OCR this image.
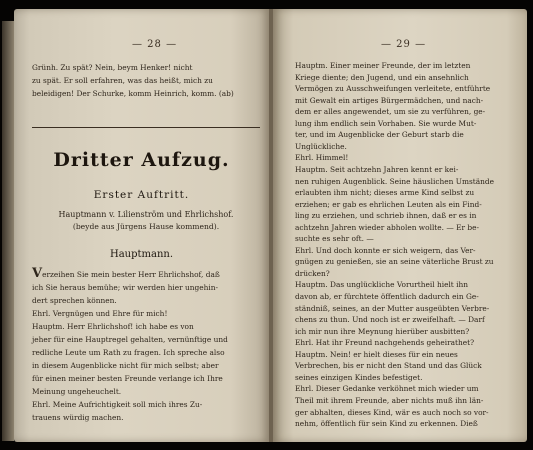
— 28 —
Grünh. Zu spät? Nein, beym Henker! nicht
zu spät. Er soll erfahren, was das heißt, mich zu
beleidigen! Der Schurke, komm Heinrich, komm. (ab)
Dritter Aufzug.
Erster Auftritt.
Hauptmann v. Lilienström und Ehrlichshof.
(beyde aus Jürgens Hause kommend).
Hauptmann.
Verzeihen Sie mein bester Herr Ehrlichshof, daß
ich Sie heraus bemühe; wir werden hier ungehin-
dert sprechen können.
Ehrl. Vergnügen und Ehre für mich!
Hauptm. Herr Ehrlichshof! ich habe es von
jeher für eine Hauptregel gehalten, vernünftige und
redliche Leute um Rath zu fragen. Ich spreche also
in diesem Augenblicke nicht für mich selbst; aber
für einen meiner besten Freunde verlange ich Ihre
Meinung ungeheuchelt.
Ehrl. Meine Aufrichtigkeit soll mich ihres Zu-
trauens würdig machen.
— 29 —
Hauptm. Einer meiner Freunde, der im letzten
Kriege diente; den Jugend, und ein ansehnlich
Vermögen zu Ausschweifungen verleitete, entführte
mit Gewalt ein artiges Bürgermädchen, und nach-
dem er alles angewendet, um sie zu verführen, ge-
lung ihm endlich sein Vorhaben. Sie wurde Mut-
ter, und im Augenblicke der Geburt starb die
Unglückliche.
Ehrl. Himmel!
Hauptm. Seit achtzehn Jahren kennt er kei-
nen ruhigen Augenblick. Seine häuslichen Umstände
erlaubten ihm nicht; dieses arme Kind selbst zu
erziehen; er gab es ehrlichen Leuten als ein Find-
ling zu erziehen, und schrieb ihnen, daß er es in
achtzehn Jahren wieder abholen wollte. — Er be-
suchte es sehr oft. —
Ehrl. Und doch konnte er sich weigern, das Ver-
gnügen zu genießen, sie an seine väterliche Brust zu
drücken?
Hauptm. Das unglückliche Vorurtheil hielt ihn
davon ab, er fürchtete öffentlich dadurch ein Ge-
ständniß, seines, an der Mutter ausgeübten Verbre-
chens zu thun. Und noch ist er zweifelhaft. — Darf
ich mir nun ihre Meynung hierüber ausbitten?
Ehrl. Hat ihr Freund nachgehends geheirathet?
Hauptm. Nein! er hielt dieses für ein neues
Verbrechen, bis er nicht den Stand und das Glück
seines einzigen Kindes befestiget.
Ehrl. Dieser Gedanke verköhnet mich wieder um
Theil mit ihrem Freunde, aber nichts muß ihn län-
ger abhalten, dieses Kind, wär es auch noch so vor-
nehm, öffentlich für sein Kind zu erkennen. Dieß
